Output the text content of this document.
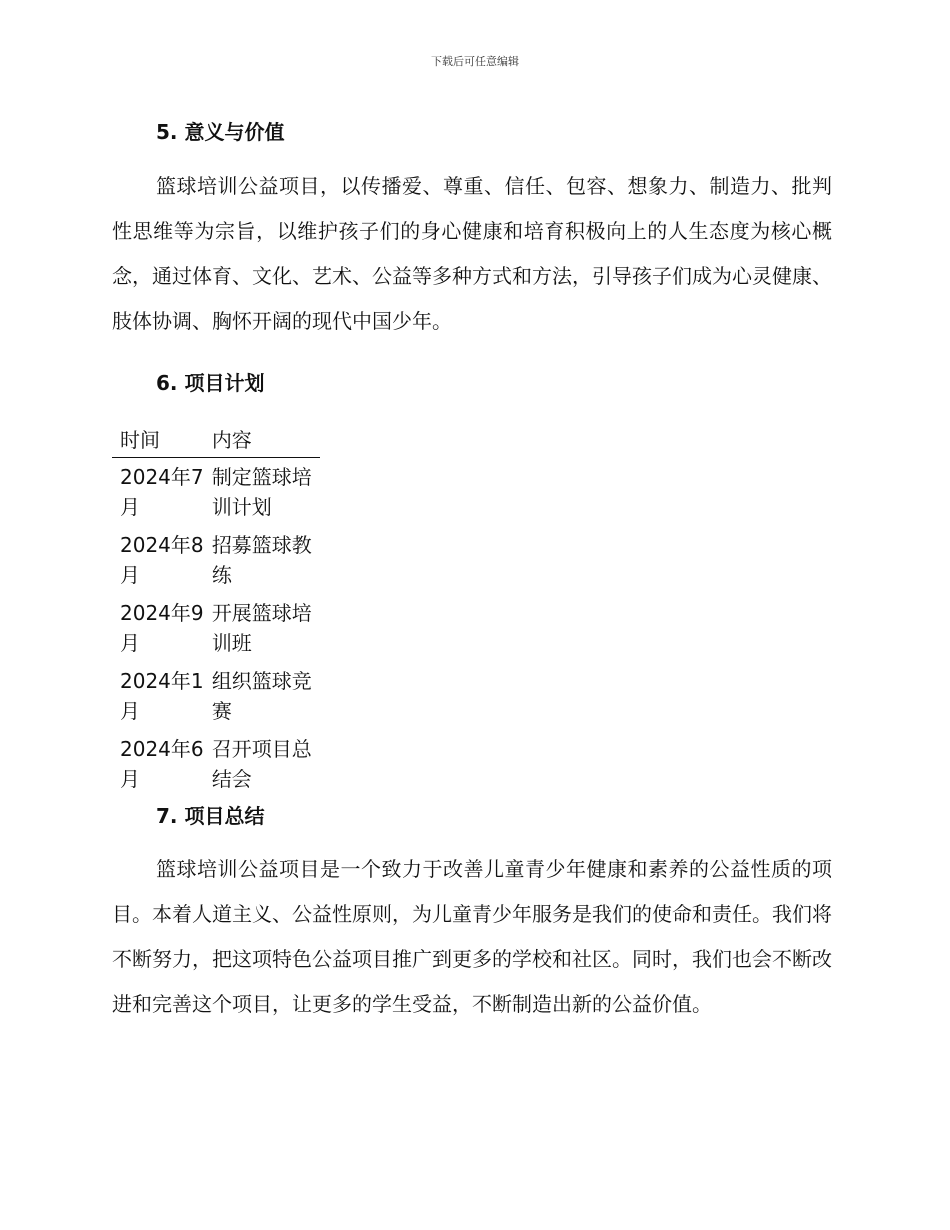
下载后可任意编辑
5. 意义与价值

篮球培训公益项目，以传播爱、尊重、信任、包容、想象力、制造力、批判性思维等为宗旨，以维护孩子们的身心健康和培育积极向上的人生态度为核心概念，通过体育、文化、艺术、公益等多种方式和方法，引导孩子们成为心灵健康、肢体协调、胸怀开阔的现代中国少年。

6. 项目计划
时间	内容
2024年7月	制定篮球培训计划
2024年8月	招募篮球教练
2024年9月	开展篮球培训班
2024年1月	组织篮球竞赛
2024年6月	召开项目总结会
7. 项目总结

篮球培训公益项目是一个致力于改善儿童青少年健康和素养的公益性质的项目。本着人道主义、公益性原则，为儿童青少年服务是我们的使命和责任。我们将不断努力，把这项特色公益项目推广到更多的学校和社区。同时，我们也会不断改进和完善这个项目，让更多的学生受益，不断制造出新的公益价值。
